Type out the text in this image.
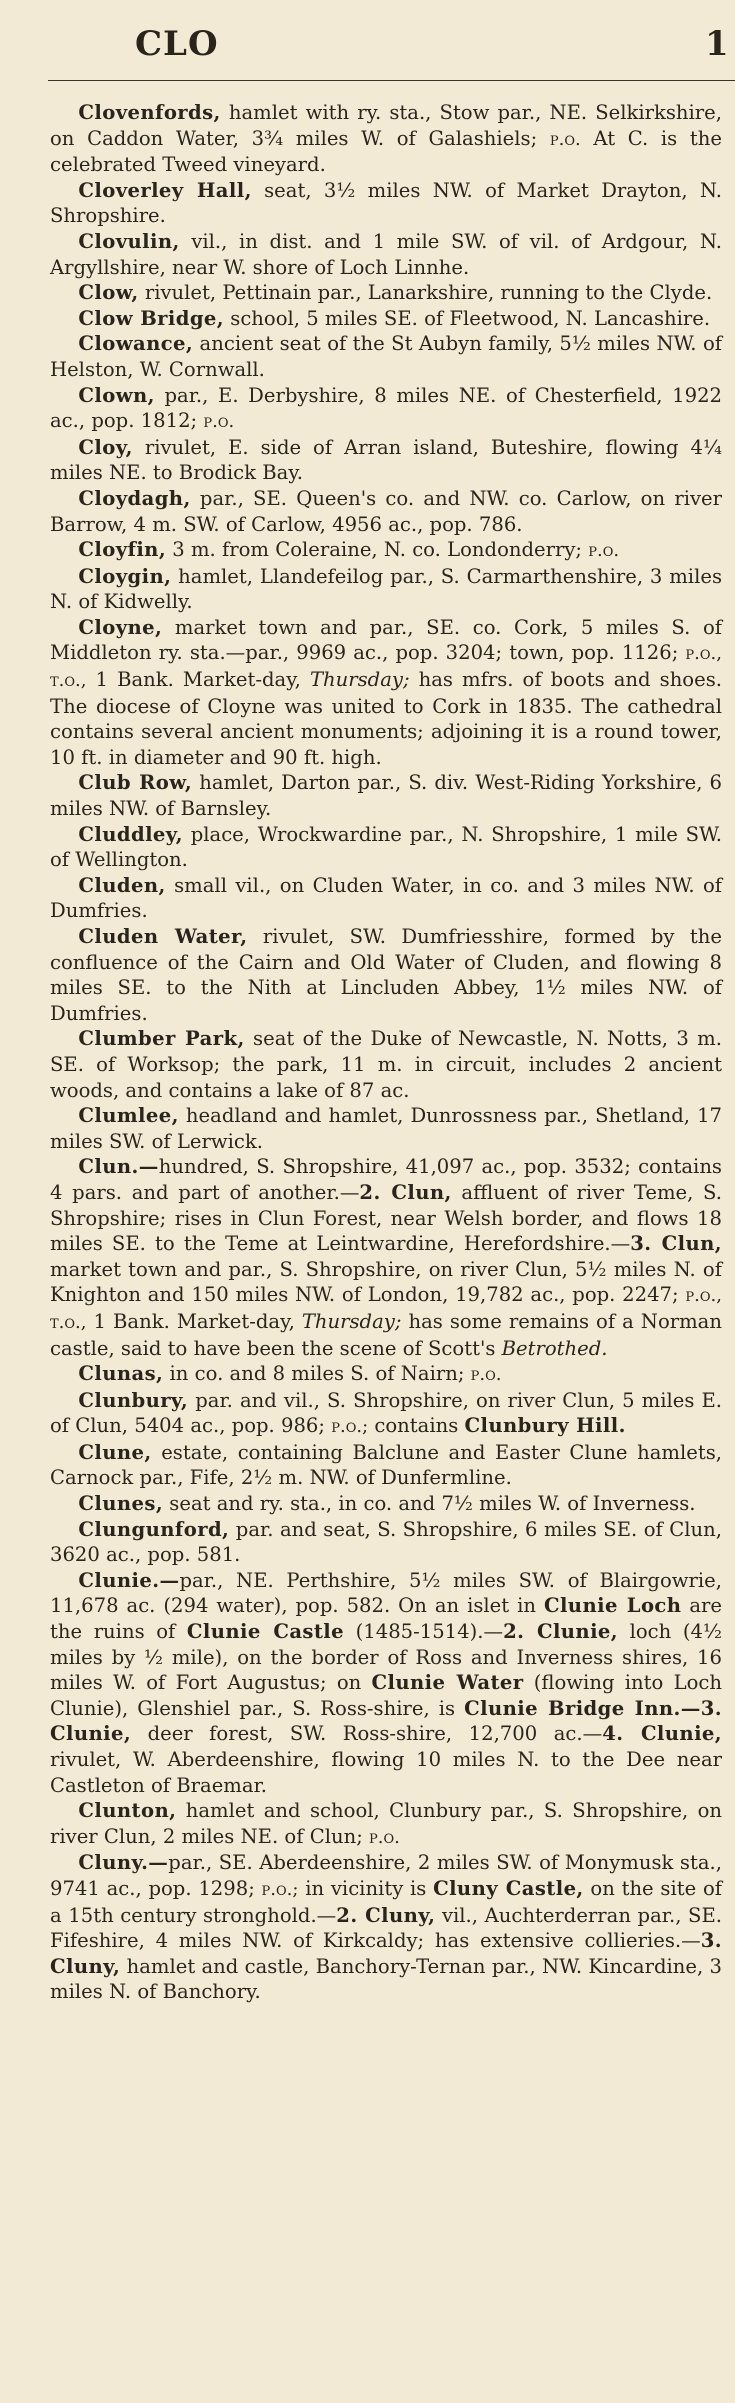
CLO	1
Clovenfords, hamlet with ry. sta., Stow par., NE. Selkirkshire, on Caddon Water, 3¾ miles W. of Galashiels; p.o. At C. is the celebrated Tweed vineyard.
Cloverley Hall, seat, 3½ miles NW. of Market Drayton, N. Shropshire.
Clovulin, vil., in dist. and 1 mile SW. of vil. of Ardgour, N. Argyllshire, near W. shore of Loch Linnhe.
Clow, rivulet, Pettinain par., Lanarkshire, running to the Clyde.
Clow Bridge, school, 5 miles SE. of Fleetwood, N. Lancashire.
Clowance, ancient seat of the St Aubyn family, 5½ miles NW. of Helston, W. Cornwall.
Clown, par., E. Derbyshire, 8 miles NE. of Chesterfield, 1922 ac., pop. 1812; p.o.
Cloy, rivulet, E. side of Arran island, Buteshire, flowing 4¼ miles NE. to Brodick Bay.
Cloydagh, par., SE. Queen's co. and NW. co. Carlow, on river Barrow, 4 m. SW. of Carlow, 4956 ac., pop. 786.
Cloyfin, 3 m. from Coleraine, N. co. Londonderry; p.o.
Cloygin, hamlet, Llandefeilog par., S. Carmarthenshire, 3 miles N. of Kidwelly.
Cloyne, market town and par., SE. co. Cork, 5 miles S. of Middleton ry. sta.—par., 9969 ac., pop. 3204; town, pop. 1126; p.o., t.o., 1 Bank. Market-day, Thursday; has mfrs. of boots and shoes. The diocese of Cloyne was united to Cork in 1835. The cathedral contains several ancient monuments; adjoining it is a round tower, 10 ft. in diameter and 90 ft. high.
Club Row, hamlet, Darton par., S. div. West-Riding Yorkshire, 6 miles NW. of Barnsley.
Cluddley, place, Wrockwardine par., N. Shropshire, 1 mile SW. of Wellington.
Cluden, small vil., on Cluden Water, in co. and 3 miles NW. of Dumfries.
Cluden Water, rivulet, SW. Dumfriesshire, formed by the confluence of the Cairn and Old Water of Cluden, and flowing 8 miles SE. to the Nith at Lincluden Abbey, 1½ miles NW. of Dumfries.
Clumber Park, seat of the Duke of Newcastle, N. Notts, 3 m. SE. of Worksop; the park, 11 m. in circuit, includes 2 ancient woods, and contains a lake of 87 ac.
Clumlee, headland and hamlet, Dunrossness par., Shetland, 17 miles SW. of Lerwick.
Clun.—hundred, S. Shropshire, 41,097 ac., pop. 3532; contains 4 pars. and part of another.—2. Clun, affluent of river Teme, S. Shropshire; rises in Clun Forest, near Welsh border, and flows 18 miles SE. to the Teme at Leintwardine, Herefordshire.—3. Clun, market town and par., S. Shropshire, on river Clun, 5½ miles N. of Knighton and 150 miles NW. of London, 19,782 ac., pop. 2247; p.o., t.o., 1 Bank. Market-day, Thursday; has some remains of a Norman castle, said to have been the scene of Scott's Betrothed.
Clunas, in co. and 8 miles S. of Nairn; p.o.
Clunbury, par. and vil., S. Shropshire, on river Clun, 5 miles E. of Clun, 5404 ac., pop. 986; p.o.; contains Clunbury Hill.
Clune, estate, containing Balclune and Easter Clune hamlets, Carnock par., Fife, 2½ m. NW. of Dunfermline.
Clunes, seat and ry. sta., in co. and 7½ miles W. of Inverness.
Clungunford, par. and seat, S. Shropshire, 6 miles SE. of Clun, 3620 ac., pop. 581.
Clunie.—par., NE. Perthshire, 5½ miles SW. of Blairgowrie, 11,678 ac. (294 water), pop. 582. On an islet in Clunie Loch are the ruins of Clunie Castle (1485-1514).—2. Clunie, loch (4½ miles by ½ mile), on the border of Ross and Inverness shires, 16 miles W. of Fort Augustus; on Clunie Water (flowing into Loch Clunie), Glenshiel par., S. Ross-shire, is Clunie Bridge Inn.—3. Clunie, deer forest, SW. Ross-shire, 12,700 ac.—4. Clunie, rivulet, W. Aberdeenshire, flowing 10 miles N. to the Dee near Castleton of Braemar.
Clunton, hamlet and school, Clunbury par., S. Shropshire, on river Clun, 2 miles NE. of Clun; p.o.
Cluny.—par., SE. Aberdeenshire, 2 miles SW. of Monymusk sta., 9741 ac., pop. 1298; p.o.; in vicinity is Cluny Castle, on the site of a 15th century stronghold.—2. Cluny, vil., Auchterderran par., SE. Fifeshire, 4 miles NW. of Kirkcaldy; has extensive collieries.—3. Cluny, hamlet and castle, Banchory-Ternan par., NW. Kincardine, 3 miles N. of Banchory.
